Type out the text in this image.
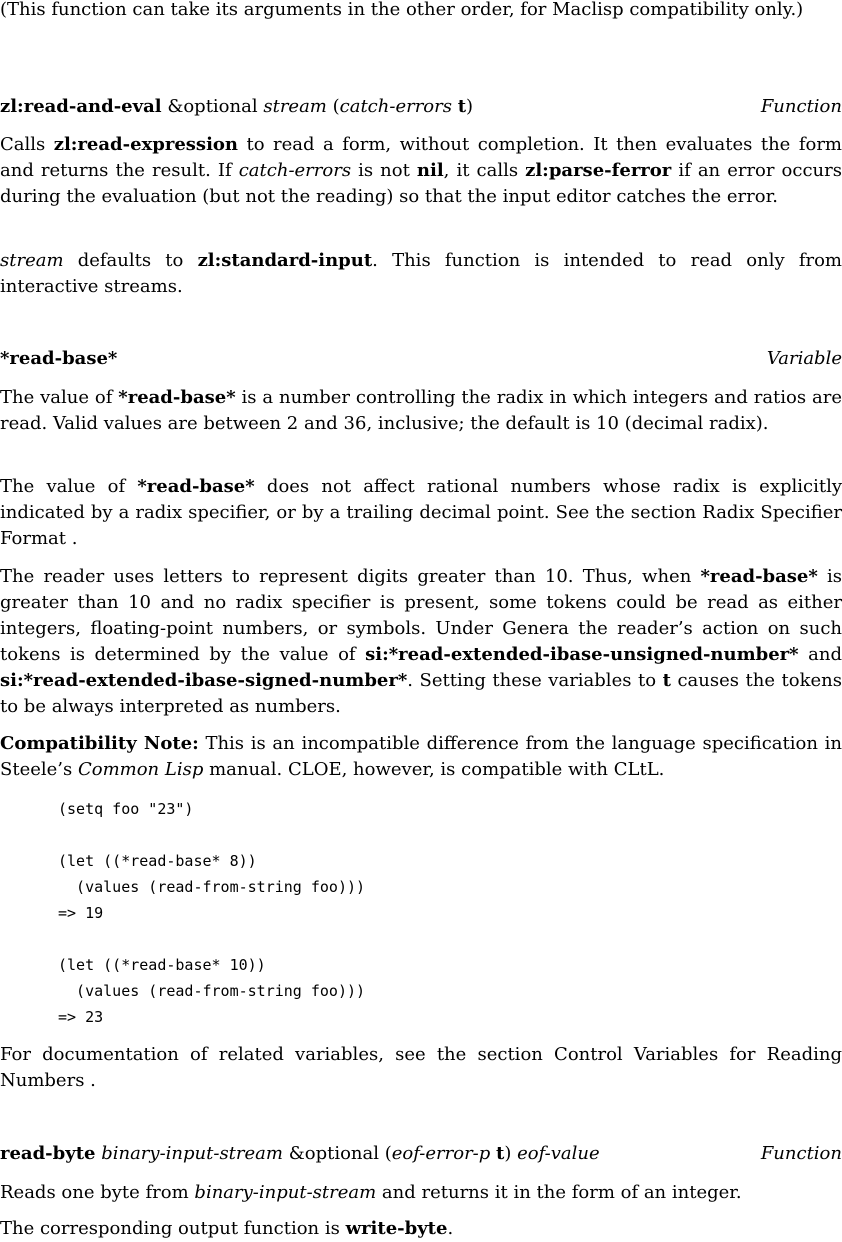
(This function can take its arguments in the other order, for Maclisp compatibility only.)

zl:read-and-eval &optional stream (catch-errors t)	Function

Calls zl:read-expression to read a form, without completion. It then evaluates the form and returns the result. If catch-errors is not nil, it calls zl:parse-ferror if an error occurs during the evaluation (but not the reading) so that the input editor catches the error.

stream defaults to zl:standard-input. This function is intended to read only from interactive streams.

*read-base*	Variable

The value of *read-base* is a number controlling the radix in which integers and ratios are read. Valid values are between 2 and 36, inclusive; the default is 10 (decimal radix).

The value of *read-base* does not affect rational numbers whose radix is explicitly indicated by a radix specifier, or by a trailing decimal point. See the section Radix Specifier Format .

The reader uses letters to represent digits greater than 10. Thus, when *read-base* is greater than 10 and no radix specifier is present, some tokens could be read as either integers, floating-point numbers, or symbols. Under Genera the reader’s action on such tokens is determined by the value of si:*read-extended-ibase-unsigned-number* and si:*read-extended-ibase-signed-number*. Setting these variables to t causes the tokens to be always interpreted as numbers.

Compatibility Note: This is an incompatible difference from the language specification in Steele’s Common Lisp manual. CLOE, however, is compatible with CLtL.

(setq foo "23")

(let ((*read-base* 8))
(values (read-from-string foo)))
=> 19

(let ((*read-base* 10))
(values (read-from-string foo)))
=> 23

For documentation of related variables, see the section Control Variables for Reading Numbers .

read-byte binary-input-stream &optional (eof-error-p t) eof-value	Function

Reads one byte from binary-input-stream and returns it in the form of an integer.

The corresponding output function is write-byte.
